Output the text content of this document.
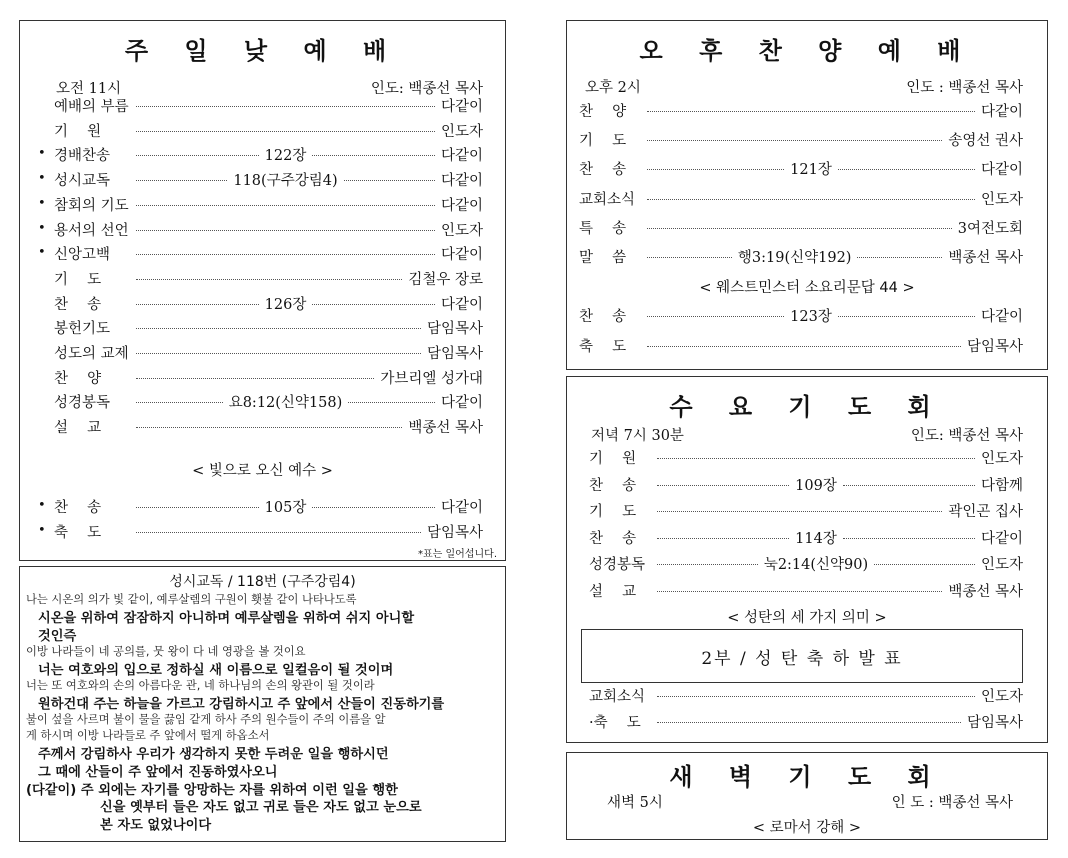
주 일 낮 예 배
오전 11시	인도: 백종선 목사
예배의 부름	다같이
기　 원	인도자
• 경배찬송	122장	다같이
• 성시교독	118(구주강림4)	다같이
• 참회의 기도	다같이
• 용서의 선언	인도자
• 신앙고백	다같이
기　 도	김철우 장로
찬　 송	126장	다같이
봉헌기도	담임목사
성도의 교제	담임목사
찬　 양	가브리엘 성가대
성경봉독	요8:12(신약158)	다같이
설　 교	백종선 목사
< 빛으로 오신 예수 >
• 찬　 송	105장	다같이
• 축　 도	담임목사
*표는 일어섭니다.
성시교독 / 118번 (구주강림4)
나는 시온의 의가 빛 같이, 예루살렘의 구원이 횃불 같이 나타나도록
시온을 위하여 잠잠하지 아니하며 예루살렘을 위하여 쉬지 아니할
것인즉
이방 나라들이 네 공의를, 뭇 왕이 다 네 영광을 볼 것이요
너는 여호와의 입으로 정하실 새 이름으로 일컬음이 될 것이며
너는 또 여호와의 손의 아름다운 관, 네 하나님의 손의 왕관이 될 것이라
원하건대 주는 하늘을 가르고 강림하시고 주 앞에서 산들이 진동하기를
불이 섶을 사르며 불이 물을 끓임 같게 하사 주의 원수들이 주의 이름을 알
게 하시며 이방 나라들로 주 앞에서 떨게 하옵소서
주께서 강림하사 우리가 생각하지 못한 두려운 일을 행하시던
그 때에 산들이 주 앞에서 진동하였사오니
(다같이) 주 외에는 자기를 앙망하는 자를 위하여 이런 일을 행한
신을 옛부터 들은 자도 없고 귀로 들은 자도 없고 눈으로
본 자도 없었나이다
오 후 찬 양 예 배
오후 2시	인도 : 백종선 목사
찬　 양	다같이
기　 도	송영선 권사
찬　 송	121장	다같이
교회소식	인도자
특　 송	3여전도회
말　 씀	행3:19(신약192)	백종선 목사
< 웨스트민스터 소요리문답 44 >
찬　 송	123장	다같이
축　 도	담임목사
수 요 기 도 회
저녁 7시 30분	인도: 백종선 목사
기　 원	인도자
찬　 송	109장	다함께
기　 도	곽인곤 집사
찬　 송	114장	다같이
성경봉독	눅2:14(신약90)	인도자
설　 교	백종선 목사
< 성탄의 세 가지 의미 >
2부 / 성 탄 축 하 발 표
교회소식	인도자
·축　 도	담임목사
새 벽 기 도 회
새벽 5시	인 도 : 백종선 목사
< 로마서 강해 >
